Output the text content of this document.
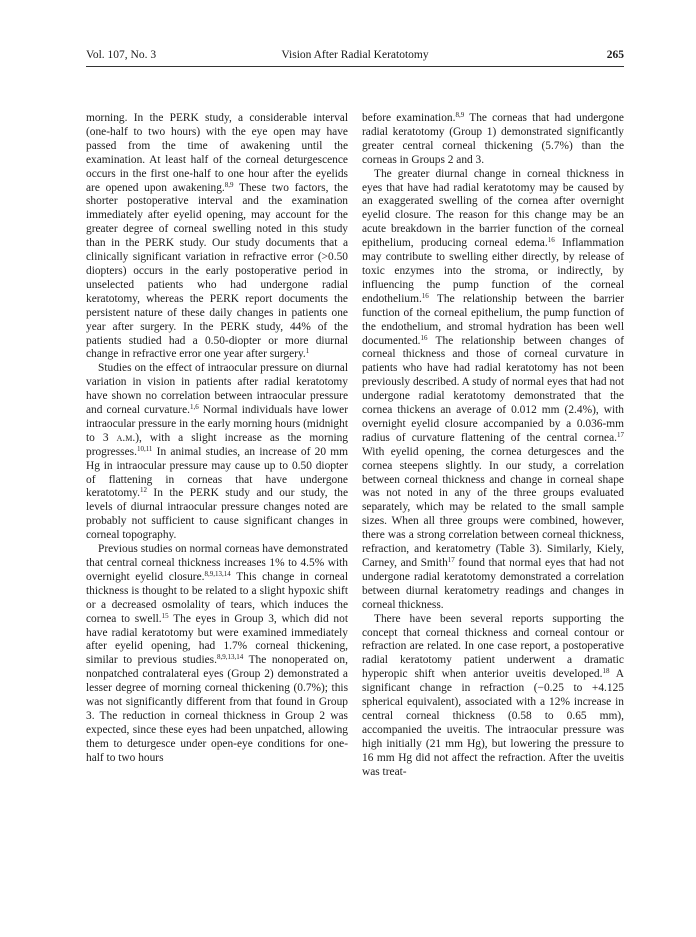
Vol. 107, No. 3	Vision After Radial Keratotomy	265

morning. In the PERK study, a considerable interval (one-half to two hours) with the eye open may have passed from the time of awakening until the examination. At least half of the corneal deturgescence occurs in the first one-half to one hour after the eyelids are opened upon awakening.$^{8,9}$ These two factors, the shorter postoperative interval and the examination immediately after eyelid opening, may account for the greater degree of corneal swelling noted in this study than in the PERK study. Our study documents that a clinically significant variation in refractive error (>0.50 diopters) occurs in the early postoperative period in unselected patients who had undergone radial keratotomy, whereas the PERK report documents the persistent nature of these daily changes in patients one year after surgery. In the PERK study, 44% of the patients studied had a 0.50-diopter or more diurnal change in refractive error one year after surgery.$^1$

Studies on the effect of intraocular pressure on diurnal variation in vision in patients after radial keratotomy have shown no correlation between intraocular pressure and corneal curvature.$^{1,6}$ Normal individuals have lower intraocular pressure in the early morning hours (midnight to 3 a.m.), with a slight increase as the morning progresses.$^{10,11}$ In animal studies, an increase of 20 mm Hg in intraocular pressure may cause up to 0.50 diopter of flattening in corneas that have undergone keratotomy.$^{12}$ In the PERK study and our study, the levels of diurnal intraocular pressure changes noted are probably not sufficient to cause significant changes in corneal topography.

Previous studies on normal corneas have demonstrated that central corneal thickness increases 1% to 4.5% with overnight eyelid closure.$^{8,9,13,14}$ This change in corneal thickness is thought to be related to a slight hypoxic shift or a decreased osmolality of tears, which induces the cornea to swell.$^{15}$ The eyes in Group 3, which did not have radial keratotomy but were examined immediately after eyelid opening, had 1.7% corneal thickening, similar to previous studies.$^{8,9,13,14}$ The nonoperated on, nonpatched contralateral eyes (Group 2) demonstrated a lesser degree of morning corneal thickening (0.7%); this was not significantly different from that found in Group 3. The reduction in corneal thickness in Group 2 was expected, since these eyes had been unpatched, allowing them to deturgesce under open-eye conditions for one-half to two hours

before examination.$^{8,9}$ The corneas that had undergone radial keratotomy (Group 1) demonstrated significantly greater central corneal thickening (5.7%) than the corneas in Groups 2 and 3.

The greater diurnal change in corneal thickness in eyes that have had radial keratotomy may be caused by an exaggerated swelling of the cornea after overnight eyelid closure. The reason for this change may be an acute breakdown in the barrier function of the corneal epithelium, producing corneal edema.$^{16}$ Inflammation may contribute to swelling either directly, by release of toxic enzymes into the stroma, or indirectly, by influencing the pump function of the corneal endothelium.$^{16}$ The relationship between the barrier function of the corneal epithelium, the pump function of the endothelium, and stromal hydration has been well documented.$^{16}$ The relationship between changes of corneal thickness and those of corneal curvature in patients who have had radial keratotomy has not been previously described. A study of normal eyes that had not undergone radial keratotomy demonstrated that the cornea thickens an average of 0.012 mm (2.4%), with overnight eyelid closure accompanied by a 0.036-mm radius of curvature flattening of the central cornea.$^{17}$ With eyelid opening, the cornea deturgesces and the cornea steepens slightly. In our study, a correlation between corneal thickness and change in corneal shape was not noted in any of the three groups evaluated separately, which may be related to the small sample sizes. When all three groups were combined, however, there was a strong correlation between corneal thickness, refraction, and keratometry (Table 3). Similarly, Kiely, Carney, and Smith$^{17}$ found that normal eyes that had not undergone radial keratotomy demonstrated a correlation between diurnal keratometry readings and changes in corneal thickness.

There have been several reports supporting the concept that corneal thickness and corneal contour or refraction are related. In one case report, a postoperative radial keratotomy patient underwent a dramatic hyperopic shift when anterior uveitis developed.$^{18}$ A significant change in refraction (−0.25 to +4.125 spherical equivalent), associated with a 12% increase in central corneal thickness (0.58 to 0.65 mm), accompanied the uveitis. The intraocular pressure was high initially (21 mm Hg), but lowering the pressure to 16 mm Hg did not affect the refraction. After the uveitis was treat-
